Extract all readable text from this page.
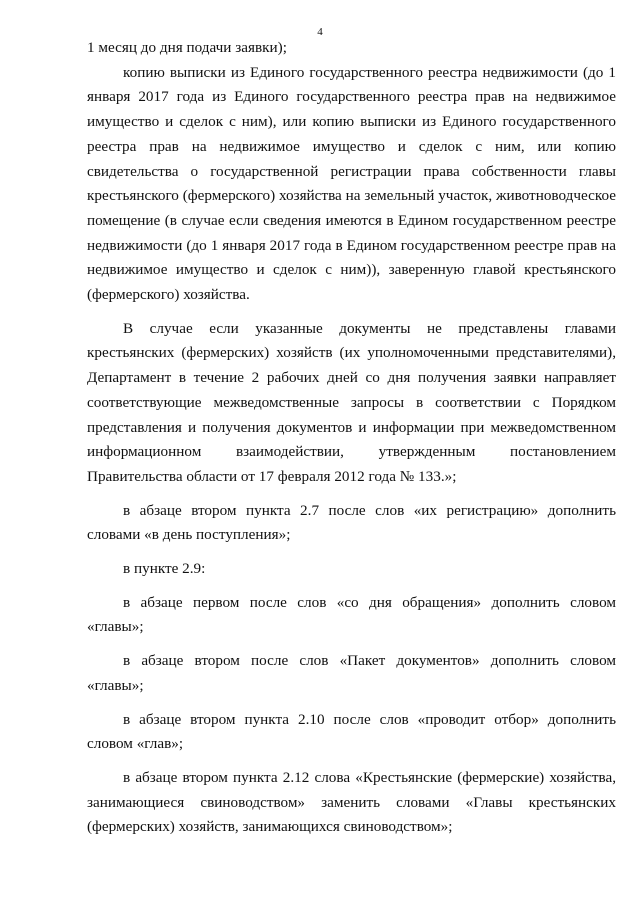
4

1 месяц до дня подачи заявки);

копию выписки из Единого государственного реестра недвижимости (до 1 января 2017 года из Единого государственного реестра прав на недвижимое имущество и сделок с ним), или копию выписки из Единого государственного реестра прав на недвижимое имущество и сделок с ним, или копию свидетельства о государственной регистрации права собственности главы крестьянского (фермерского) хозяйства на земельный участок, животноводческое помещение (в случае если сведения имеются в Едином государственном реестре недвижимости (до 1 января 2017 года в Едином государственном реестре прав на недвижимое имущество и сделок с ним)), заверенную главой крестьянского (фермерского) хозяйства.

В случае если указанные документы не представлены главами крестьянских (фермерских) хозяйств (их уполномоченными представителями), Департамент в течение 2 рабочих дней со дня получения заявки направляет соответствующие межведомственные запросы в соответствии с Порядком представления и получения документов и информации при межведомственном информационном взаимодействии, утвержденным постановлением Правительства области от 17 февраля 2012 года № 133.»;

в абзаце втором пункта 2.7 после слов «их регистрацию» дополнить словами «в день поступления»;

в пункте 2.9:

в абзаце первом после слов «со дня обращения» дополнить словом «главы»;

в абзаце втором после слов «Пакет документов» дополнить словом «главы»;

в абзаце втором пункта 2.10 после слов «проводит отбор» дополнить словом «глав»;

в абзаце втором пункта 2.12 слова «Крестьянские (фермерские) хозяйства, занимающиеся свиноводством» заменить словами «Главы крестьянских (фермерских) хозяйств, занимающихся свиноводством»;
